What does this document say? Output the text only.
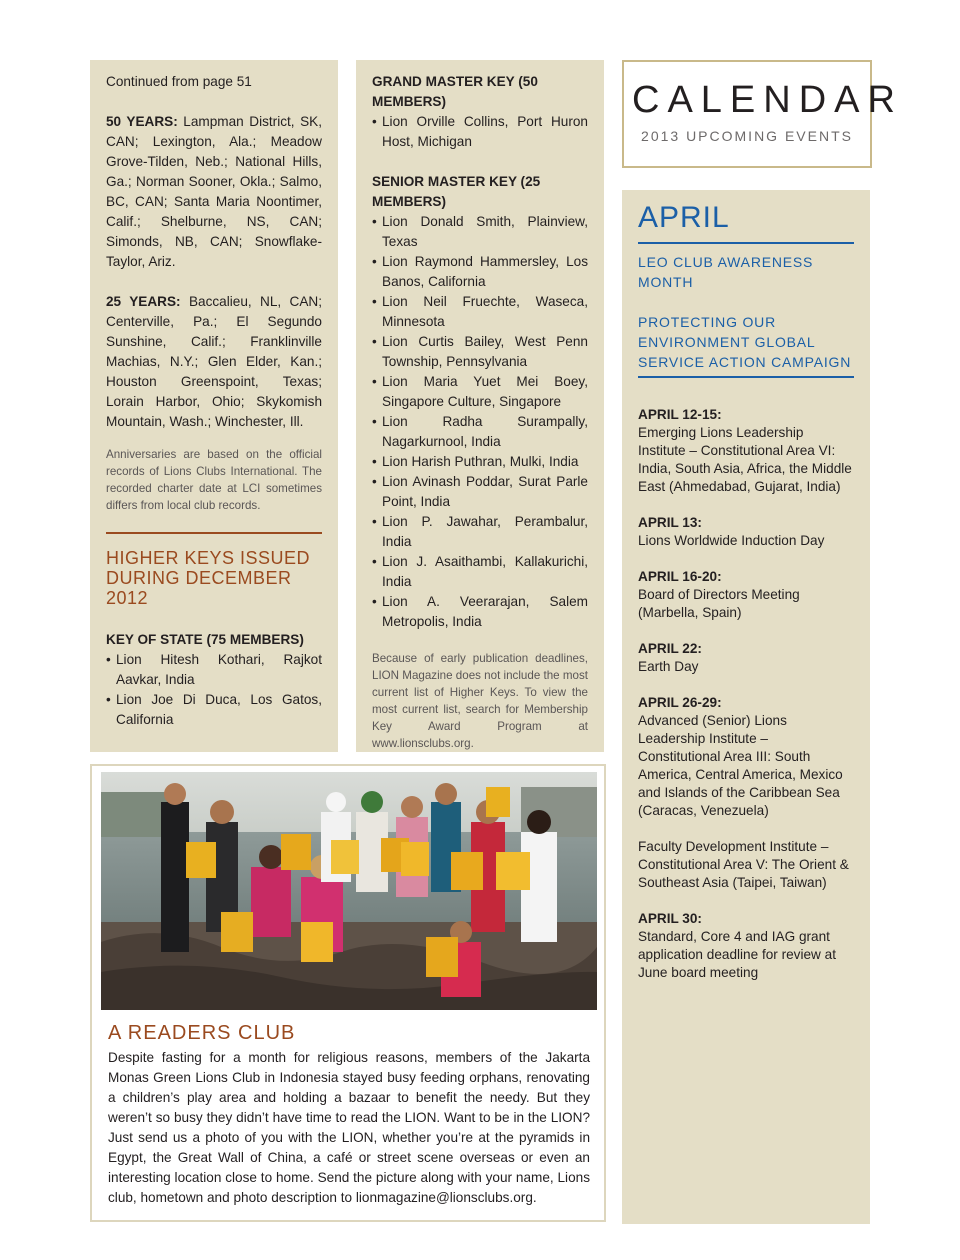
Continued from page 51
50 YEARS: Lampman District, SK, CAN; Lexington, Ala.; Meadow Grove-Tilden, Neb.; National Hills, Ga.; Norman Sooner, Okla.; Salmo, BC, CAN; Santa Maria Noontimer, Calif.; Shelburne, NS, CAN; Simonds, NB, CAN; Snowflake-Taylor, Ariz.
25 YEARS: Baccalieu, NL, CAN; Centerville, Pa.; El Segundo Sunshine, Calif.; Franklinville Machias, N.Y.; Glen Elder, Kan.; Houston Greenspoint, Texas; Lorain Harbor, Ohio; Skykomish Mountain, Wash.; Winchester, Ill.
Anniversaries are based on the official records of Lions Clubs International. The recorded charter date at LCI sometimes differs from local club records.
HIGHER KEYS ISSUED DURING DECEMBER 2012
KEY OF STATE (75 MEMBERS)
• Lion Hitesh Kothari, Rajkot Aavkar, India
• Lion Joe Di Duca, Los Gatos, California
GRAND MASTER KEY (50 MEMBERS)
• Lion Orville Collins, Port Huron Host, Michigan
SENIOR MASTER KEY (25 MEMBERS)
• Lion Donald Smith, Plainview, Texas
• Lion Raymond Hammersley, Los Banos, California
• Lion Neil Fruechte, Waseca, Minnesota
• Lion Curtis Bailey, West Penn Township, Pennsylvania
• Lion Maria Yuet Mei Boey, Singapore Culture, Singapore
• Lion Radha Surampally, Nagarkurnool, India
• Lion Harish Puthran, Mulki, India
• Lion Avinash Poddar, Surat Parle Point, India
• Lion P. Jawahar, Perambalur, India
• Lion J. Asaithambi, Kallakurichi, India
• Lion A. Veerarajan, Salem Metropolis, India
Because of early publication deadlines, LION Magazine does not include the most current list of Higher Keys. To view the most current list, search for Membership Key Award Program at www.lionsclubs.org.
CALENDAR
2013 UPCOMING EVENTS
APRIL
LEO CLUB AWARENESS MONTH
PROTECTING OUR ENVIRONMENT GLOBAL SERVICE ACTION CAMPAIGN
APRIL 12-15:
Emerging Lions Leadership Institute – Constitutional Area VI: India, South Asia, Africa, the Middle East (Ahmedabad, Gujarat, India)
APRIL 13:
Lions Worldwide Induction Day
APRIL 16-20:
Board of Directors Meeting (Marbella, Spain)
APRIL 22:
Earth Day
APRIL 26-29:
Advanced (Senior) Lions Leadership Institute – Constitutional Area III: South America, Central America, Mexico and Islands of the Caribbean Sea (Caracas, Venezuela)
Faculty Development Institute – Constitutional Area V: The Orient & Southeast Asia (Taipei, Taiwan)
APRIL 30:
Standard, Core 4 and IAG grant application deadline for review at June board meeting
A READERS CLUB
Despite fasting for a month for religious reasons, members of the Jakarta Monas Green Lions Club in Indonesia stayed busy feeding orphans, renovating a children’s play area and holding a bazaar to benefit the needy. But they weren’t so busy they didn’t have time to read the LION. Want to be in the LION? Just send us a photo of you with the LION, whether you’re at the pyramids in Egypt, the Great Wall of China, a café or street scene overseas or even an interesting location close to home. Send the picture along with your name, Lions club, hometown and photo description to lionmagazine@lionsclubs.org.
